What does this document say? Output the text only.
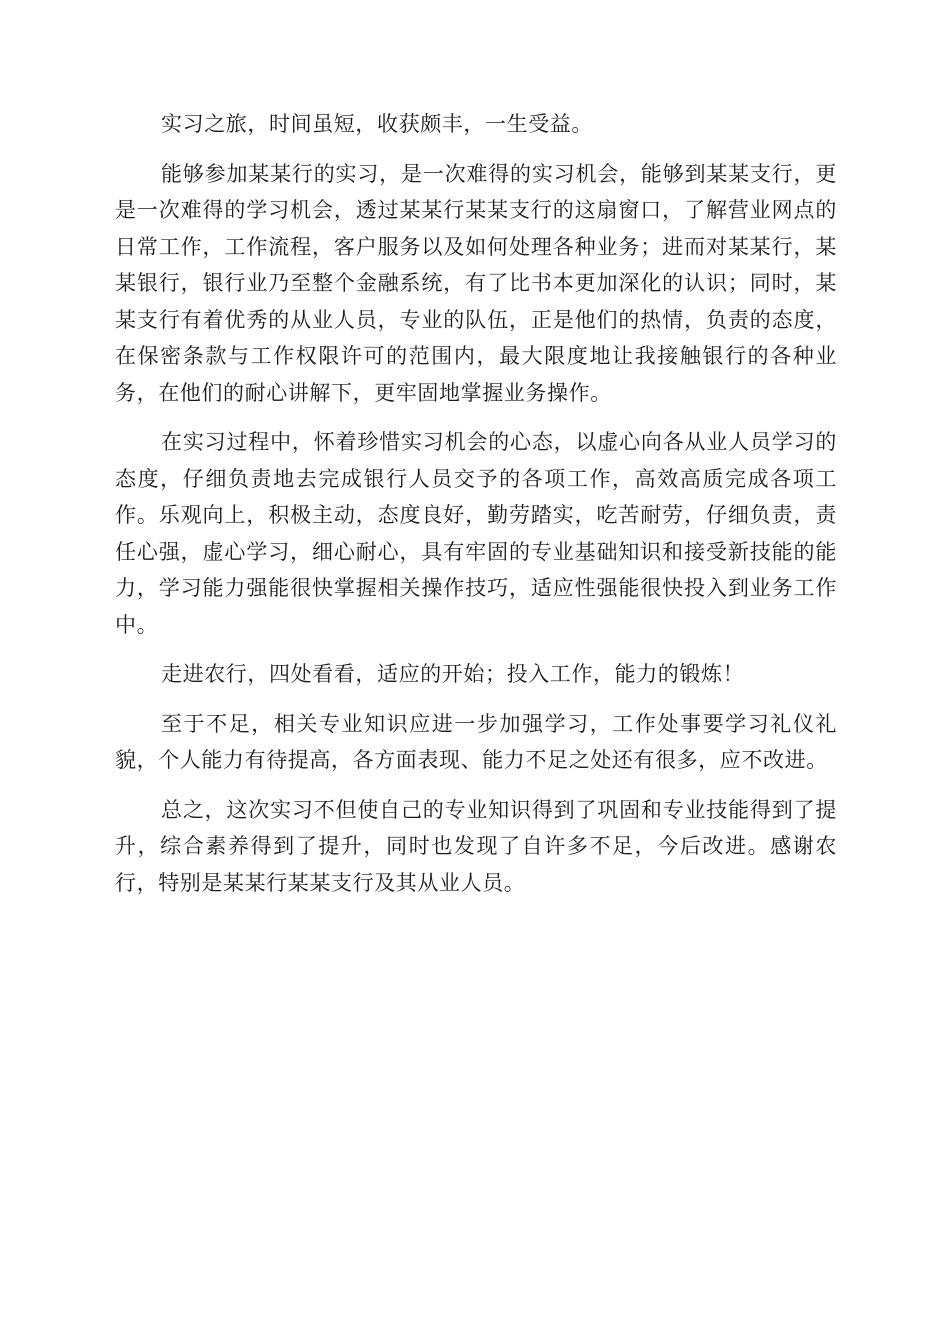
实习之旅，时间虽短，收获颇丰，一生受益。

能够参加某某行的实习，是一次难得的实习机会，能够到某某支行，更是一次难得的学习机会，透过某某行某某支行的这扇窗口，了解营业网点的日常工作，工作流程，客户服务以及如何处理各种业务；进而对某某行，某某银行，银行业乃至整个金融系统，有了比书本更加深化的认识；同时，某某支行有着优秀的从业人员，专业的队伍，正是他们的热情，负责的态度，在保密条款与工作权限许可的范围内，最大限度地让我接触银行的各种业务，在他们的耐心讲解下，更牢固地掌握业务操作。

在实习过程中，怀着珍惜实习机会的心态，以虚心向各从业人员学习的态度，仔细负责地去完成银行人员交予的各项工作，高效高质完成各项工作。乐观向上，积极主动，态度良好，勤劳踏实，吃苦耐劳，仔细负责，责任心强，虚心学习，细心耐心，具有牢固的专业基础知识和接受新技能的能力，学习能力强能很快掌握相关操作技巧，适应性强能很快投入到业务工作中。

走进农行，四处看看，适应的开始；投入工作，能力的锻炼！

至于不足，相关专业知识应进一步加强学习，工作处事要学习礼仪礼貌，个人能力有待提高，各方面表现、能力不足之处还有很多，应不改进。

总之，这次实习不但使自己的专业知识得到了巩固和专业技能得到了提升，综合素养得到了提升，同时也发现了自许多不足，今后改进。感谢农行，特别是某某行某某支行及其从业人员。
